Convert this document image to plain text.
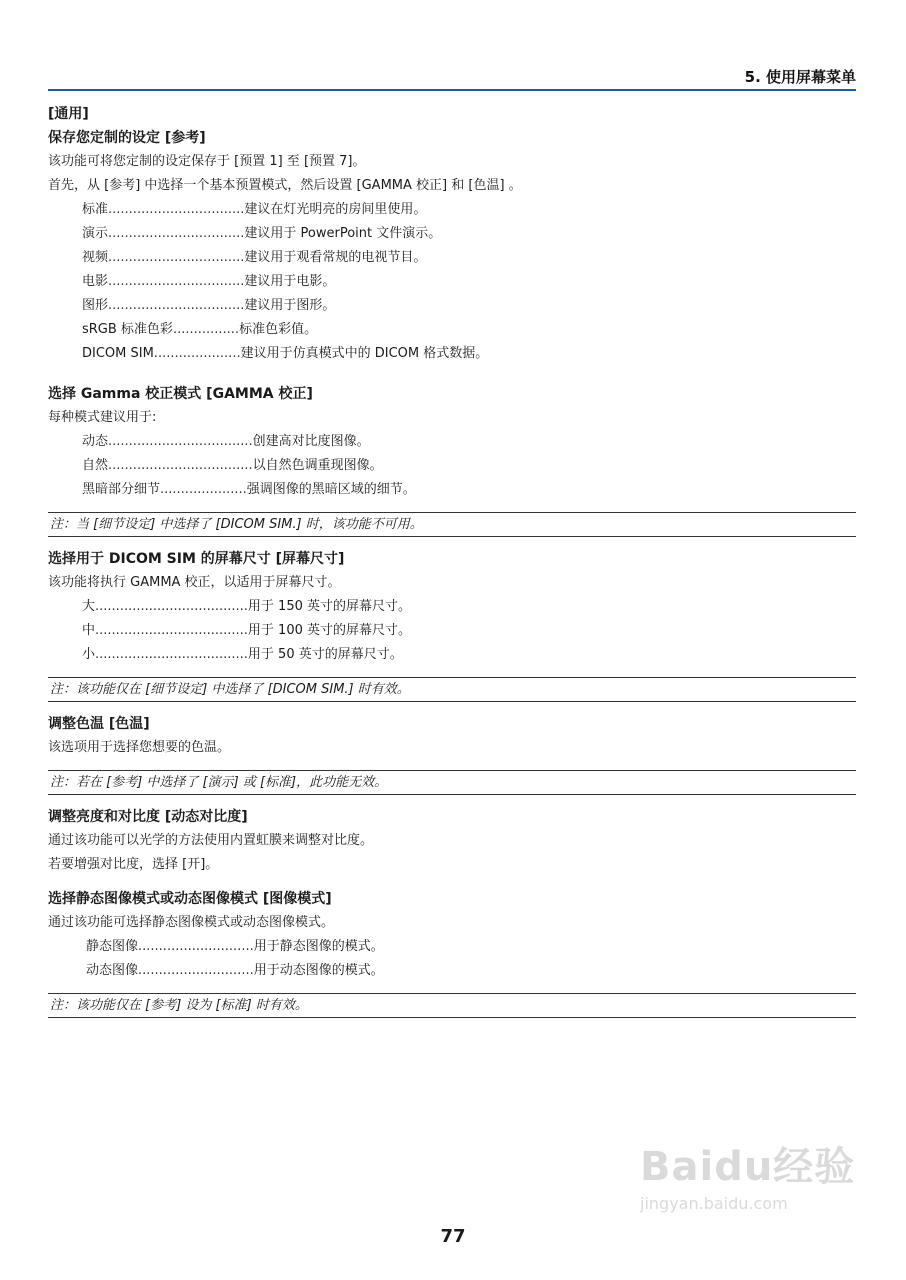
5. 使用屏幕菜单
[通用]
保存您定制的设定 [参考]
该功能可将您定制的设定保存于 [预置 1] 至 [预置 7]。
首先，从 [参考] 中选择一个基本预置模式，然后设置 [GAMMA 校正] 和 [色温] 。
标准 ................................. 建议在灯光明亮的房间里使用。
演示 ................................. 建议用于 PowerPoint 文件演示。
视频 ................................. 建议用于观看常规的电视节目。
电影 ................................. 建议用于电影。
图形 ................................. 建议用于图形。
sRGB 标准色彩 ................ 标准色彩值。
DICOM SIM. .................... 建议用于仿真模式中的 DICOM 格式数据。
选择 Gamma 校正模式 [GAMMA 校正]
每种模式建议用于:
动态 ................................... 创建高对比度图像。
自然 ................................... 以自然色调重现图像。
黑暗部分细节 ..................... 强调图像的黑暗区域的细节。
注：当 [细节设定] 中选择了 [DICOM SIM.] 时，该功能不可用。
选择用于 DICOM SIM 的屏幕尺寸 [屏幕尺寸]
该功能将执行 GAMMA 校正，以适用于屏幕尺寸。
大 ..................................... 用于 150 英寸的屏幕尺寸。
中 ..................................... 用于 100 英寸的屏幕尺寸。
小 ..................................... 用于 50 英寸的屏幕尺寸。
注：该功能仅在 [细节设定] 中选择了 [DICOM SIM.] 时有效。
调整色温 [色温]
该选项用于选择您想要的色温。
注：若在 [参考] 中选择了 [演示] 或 [标准]，此功能无效。
调整亮度和对比度 [动态对比度]
通过该功能可以光学的方法使用内置虹膜来调整对比度。
若要增强对比度，选择 [开]。
选择静态图像模式或动态图像模式 [图像模式]
通过该功能可选择静态图像模式或动态图像模式。
静态图像 ............................ 用于静态图像的模式。
动态图像 ............................ 用于动态图像的模式。
注：该功能仅在 [参考] 设为 [标准] 时有效。
Baidu经验
jingyan.baidu.com
77
